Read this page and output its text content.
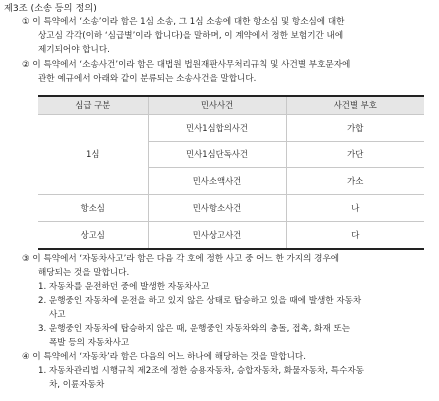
제3조 (소송 등의 정의)
① 이 특약에서 ‘소송’이라 함은 1심 소송, 그 1심 소송에 대한 항소심 및 항소심에 대한
상고심 각각(이하 ‘심급별’이라 합니다)을 말하며, 이 계약에서 정한 보험기간 내에
제기되어야 합니다.
② 이 특약에서 ‘소송사건’이라 함은 대법원 법원재판사무처리규칙 및 사건별 부호문자에
관한 예규에서 아래와 같이 분류되는 소송사건을 말합니다.
심급 구분	민사사건	사건별 부호
1심	민사1심합의사건	가합
	민사1심단독사건	가단
	민사소액사건	가소
항소심	민사항소사건	나
상고심	민사상고사건	다
③ 이 특약에서 ‘자동차사고’라 함은 다음 각 호에 정한 사고 중 어느 한 가지의 경우에
해당되는 것을 말합니다.
1. 자동차를 운전하던 중에 발생한 자동차사고
2. 운행중인 자동차에 운전을 하고 있지 않은 상태로 탑승하고 있을 때에 발생한 자동차
사고
3. 운행중인 자동차에 탑승하지 않은 때, 운행중인 자동차와의 충돌, 접촉, 화재 또는
폭발 등의 자동차사고
④ 이 특약에서 ‘자동차’라 함은 다음의 어느 하나에 해당하는 것을 말합니다.
1. 자동차관리법 시행규칙 제2조에 정한 승용자동차, 승합자동차, 화물자동차, 특수자동
차, 이륜자동차
